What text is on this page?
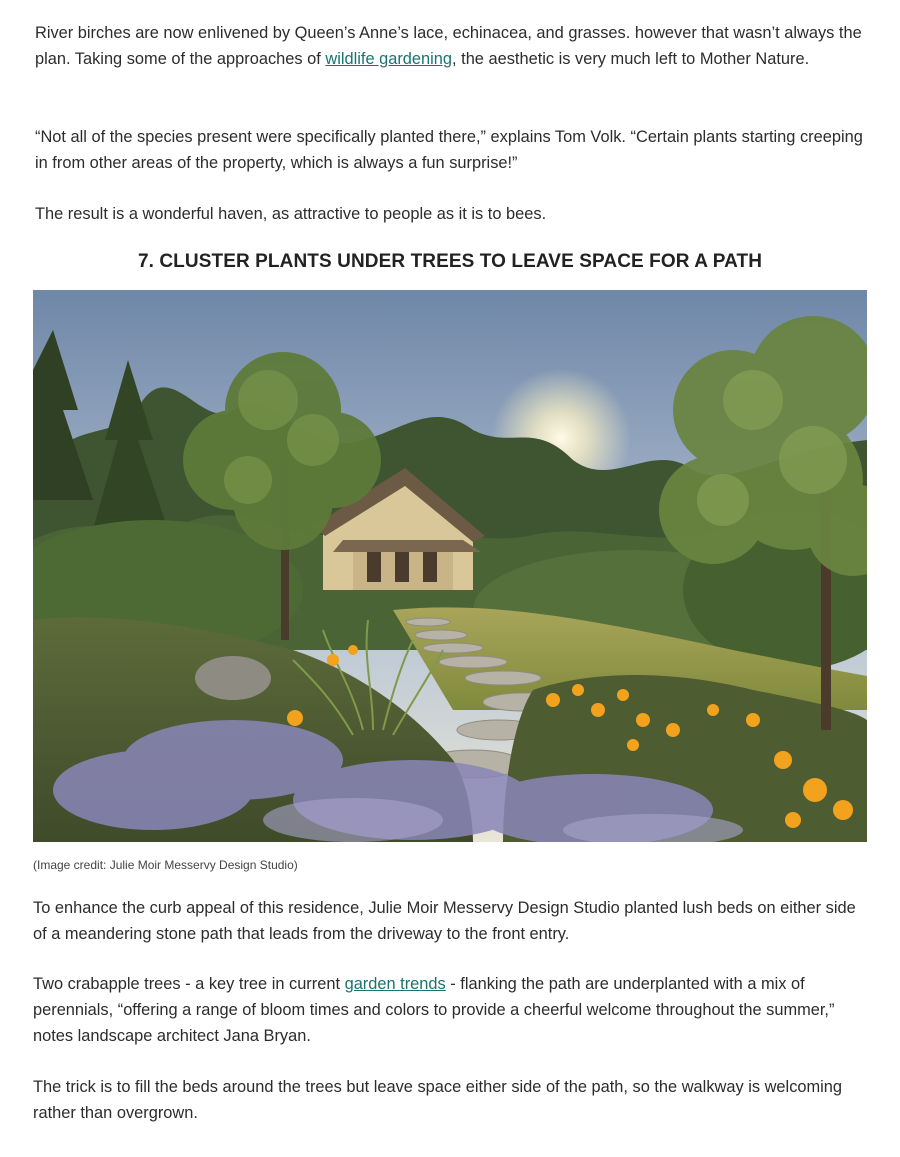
River birches are now enlivened by Queen’s Anne’s lace, echinacea, and grasses. however that wasn’t always the plan. Taking some of the approaches of wildlife gardening, the aesthetic is very much left to Mother Nature.

“Not all of the species present were specifically planted there,” explains Tom Volk. “Certain plants starting creeping in from other areas of the property, which is always a fun surprise!”

The result is a wonderful haven, as attractive to people as it is to bees.

7. CLUSTER PLANTS UNDER TREES TO LEAVE SPACE FOR A PATH

(Image credit: Julie Moir Messervy Design Studio)

To enhance the curb appeal of this residence, Julie Moir Messervy Design Studio planted lush beds on either side of a meandering stone path that leads from the driveway to the front entry.

Two crabapple trees - a key tree in current garden trends - flanking the path are underplanted with a mix of perennials, “offering a range of bloom times and colors to provide a cheerful welcome throughout the summer,” notes landscape architect Jana Bryan.

The trick is to fill the beds around the trees but leave space either side of the path, so the walkway is welcoming rather than overgrown.
